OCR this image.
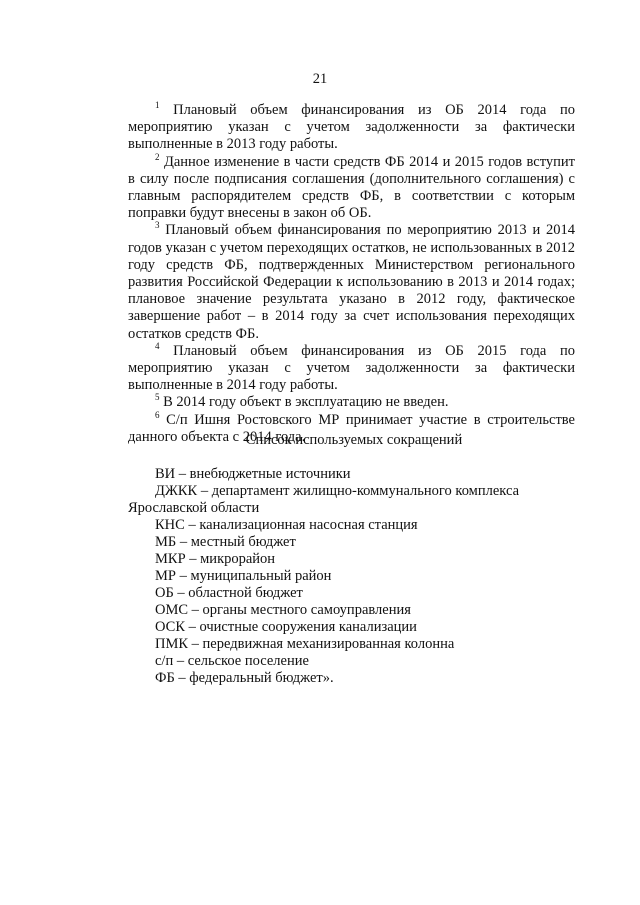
21

$^1$ Плановый объем финансирования из ОБ 2014 года по мероприятию указан с учетом задолженности за фактически выполненные в 2013 году работы.

$^2$ Данное изменение в части средств ФБ 2014 и 2015 годов вступит в силу после подписания соглашения (дополнительного соглашения) с главным распорядителем средств ФБ, в соответствии с которым поправки будут внесены в закон об ОБ.

$^3$ Плановый объем финансирования по мероприятию 2013 и 2014 годов указан с учетом переходящих остатков, не использованных в 2012 году средств ФБ, подтвержденных Министерством регионального развития Российской Федерации к использованию в 2013 и 2014 годах; плановое значение результата указано в 2012 году, фактическое завершение работ – в 2014 году за счет использования переходящих остатков средств ФБ.

$^4$ Плановый объем финансирования из ОБ 2015 года по мероприятию указан с учетом задолженности за фактически выполненные в 2014 году работы.

$^5$ В 2014 году объект в эксплуатацию не введен.

$^6$ С/п Ишня Ростовского МР принимает участие в строительстве данного объекта с 2014 года.

Список используемых сокращений

ВИ – внебюджетные источники

ДЖКК – департамент жилищно-коммунального комплекса Ярославской области

КНС – канализационная насосная станция

МБ – местный бюджет

МКР – микрорайон

МР – муниципальный район

ОБ – областной бюджет

ОМС – органы местного самоуправления

ОСК – очистные сооружения канализации

ПМК – передвижная механизированная колонна

с/п – сельское поселение

ФБ – федеральный бюджет».
